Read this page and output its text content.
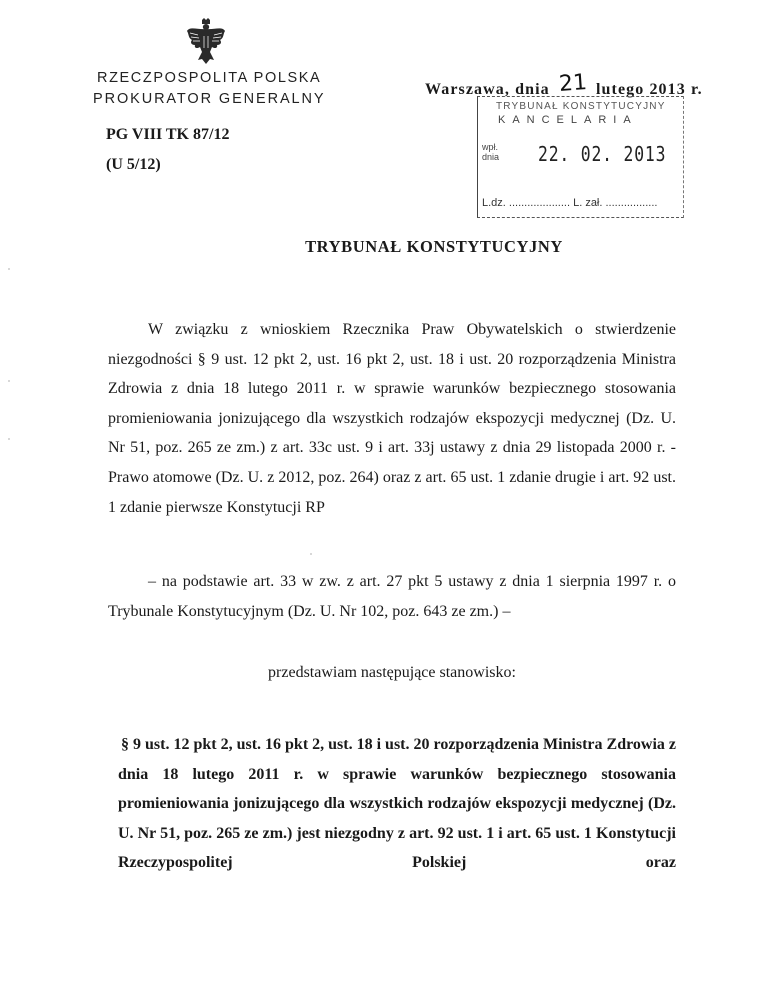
RZECZPOSPOLITA POLSKA
PROKURATOR GENERALNY
PG VIII TK 87/12
(U 5/12)
Warszawa, dnia 21 lutego 2013 r.
TRYBUNAŁ KONSTYTUCYJNY
KANCELARIA
wpł.
dnia 22. 02. 2013
L.dz. .................... L. zał. .................
TRYBUNAŁ KONSTYTUCYJNY
W związku z wnioskiem Rzecznika Praw Obywatelskich o stwierdzenie niezgodności § 9 ust. 12 pkt 2, ust. 16 pkt 2, ust. 18 i ust. 20 rozporządzenia Ministra Zdrowia z dnia 18 lutego 2011 r. w sprawie warunków bezpiecznego stosowania promieniowania jonizującego dla wszystkich rodzajów ekspozycji medycznej (Dz. U. Nr 51, poz. 265 ze zm.) z art. 33c ust. 9 i art. 33j ustawy z dnia 29 listopada 2000 r. - Prawo atomowe (Dz. U. z 2012, poz. 264) oraz z art. 65 ust. 1 zdanie drugie i art. 92 ust. 1 zdanie pierwsze Konstytucji RP
– na podstawie art. 33 w zw. z art. 27 pkt 5 ustawy z dnia 1 sierpnia 1997 r. o Trybunale Konstytucyjnym (Dz. U. Nr 102, poz. 643 ze zm.) –
przedstawiam następujące stanowisko:
§ 9 ust. 12 pkt 2, ust. 16 pkt 2, ust. 18 i ust. 20 rozporządzenia Ministra Zdrowia z dnia 18 lutego 2011 r. w sprawie warunków bezpiecznego stosowania promieniowania jonizującego dla wszystkich rodzajów ekspozycji medycznej (Dz. U. Nr 51, poz. 265 ze zm.) jest niezgodny z art. 92 ust. 1 i art. 65 ust. 1 Konstytucji Rzeczypospolitej Polskiej oraz
